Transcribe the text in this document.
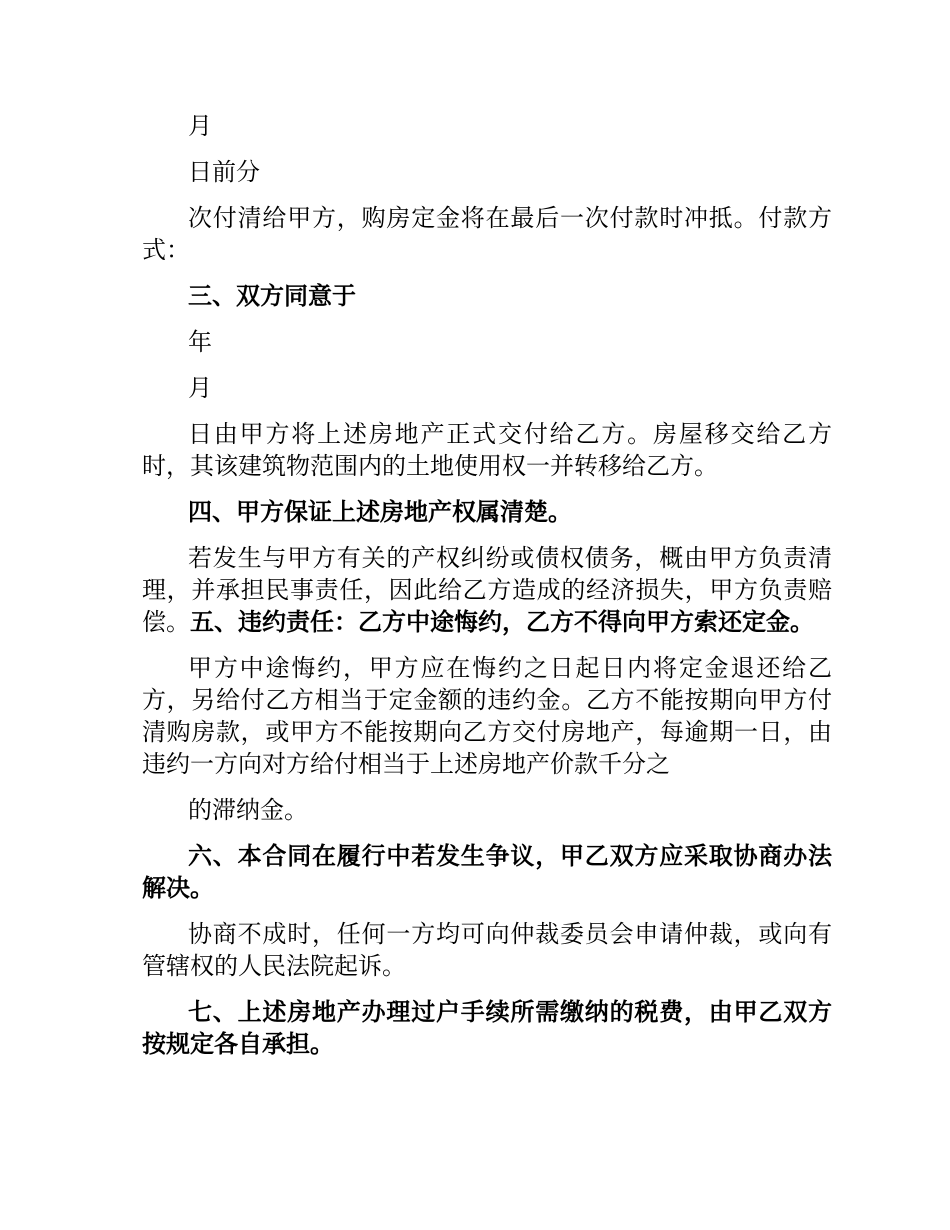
月

日前分

次付清给甲方，购房定金将在最后一次付款时冲抵。付款方式：

三、双方同意于

年

月

日由甲方将上述房地产正式交付给乙方。房屋移交给乙方时，其该建筑物范围内的土地使用权一并转移给乙方。

四、甲方保证上述房地产权属清楚。

若发生与甲方有关的产权纠纷或债权债务，概由甲方负责清理，并承担民事责任，因此给乙方造成的经济损失，甲方负责赔偿。五、违约责任：乙方中途悔约，乙方不得向甲方索还定金。

甲方中途悔约，甲方应在悔约之日起日内将定金退还给乙方，另给付乙方相当于定金额的违约金。乙方不能按期向甲方付清购房款，或甲方不能按期向乙方交付房地产，每逾期一日，由违约一方向对方给付相当于上述房地产价款千分之

的滞纳金。

六、本合同在履行中若发生争议，甲乙双方应采取协商办法解决。

协商不成时，任何一方均可向仲裁委员会申请仲裁，或向有管辖权的人民法院起诉。

七、上述房地产办理过户手续所需缴纳的税费，由甲乙双方按规定各自承担。
